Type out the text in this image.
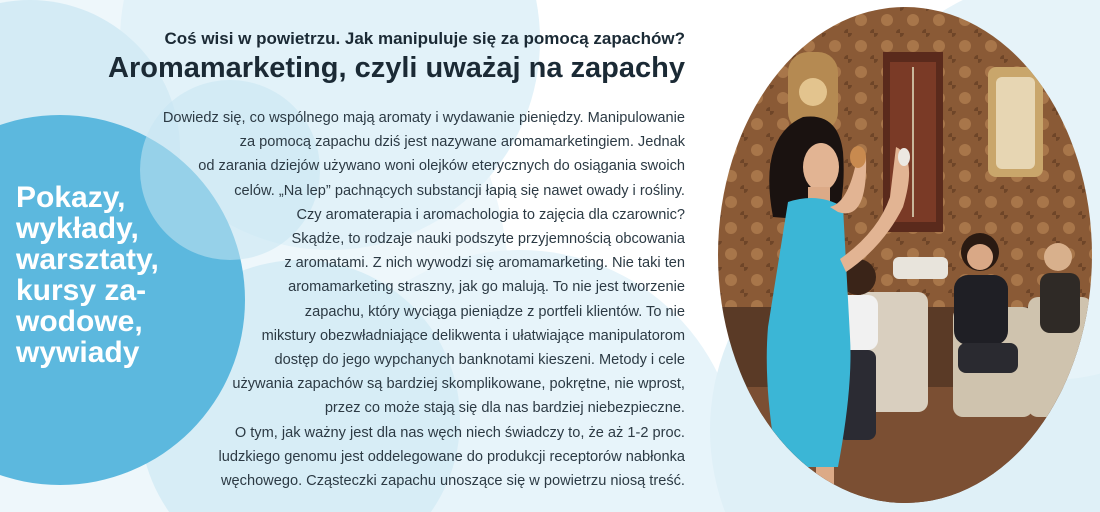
Pokazy,
wykłady,
warsztaty,
kursy za-
wodowe,
wywiady
Coś wisi w powietrzu. Jak manipuluje się za pomocą zapachów?
Aromamarketing, czyli uważaj na zapachy

Dowiedz się, co wspólnego mają aromaty i wydawanie pieniędzy. Manipulowanie
za pomocą zapachu dziś jest nazywane aromamarketingiem. Jednak
od zarania dziejów używano woni olejków eterycznych do osiągania swoich
celów. „Na lep” pachnących substancji łapią się nawet owady i rośliny.
Czy aromaterapia i aromachologia to zajęcia dla czarownic?
Skądże, to rodzaje nauki podszyte przyjemnością obcowania
z aromatami. Z nich wywodzi się aromamarketing. Nie taki ten
aromamarketing straszny, jak go malują. To nie jest tworzenie
zapachu, który wyciąga pieniądze z portfeli klientów. To nie
mikstury obezwładniające delikwenta i ułatwiające manipulatorom
dostęp do jego wypchanych banknotami kieszeni. Metody i cele
używania zapachów są bardziej skomplikowane, pokrętne, nie wprost,
przez co może stają się dla nas bardziej niebezpieczne.

O tym, jak ważny jest dla nas węch niech świadczy to, że aż 1-2 proc.
ludzkiego genomu jest oddelegowane do produkcji receptorów nabłonka
węchowego. Cząsteczki zapachu unoszące się w powietrzu niosą treść.
